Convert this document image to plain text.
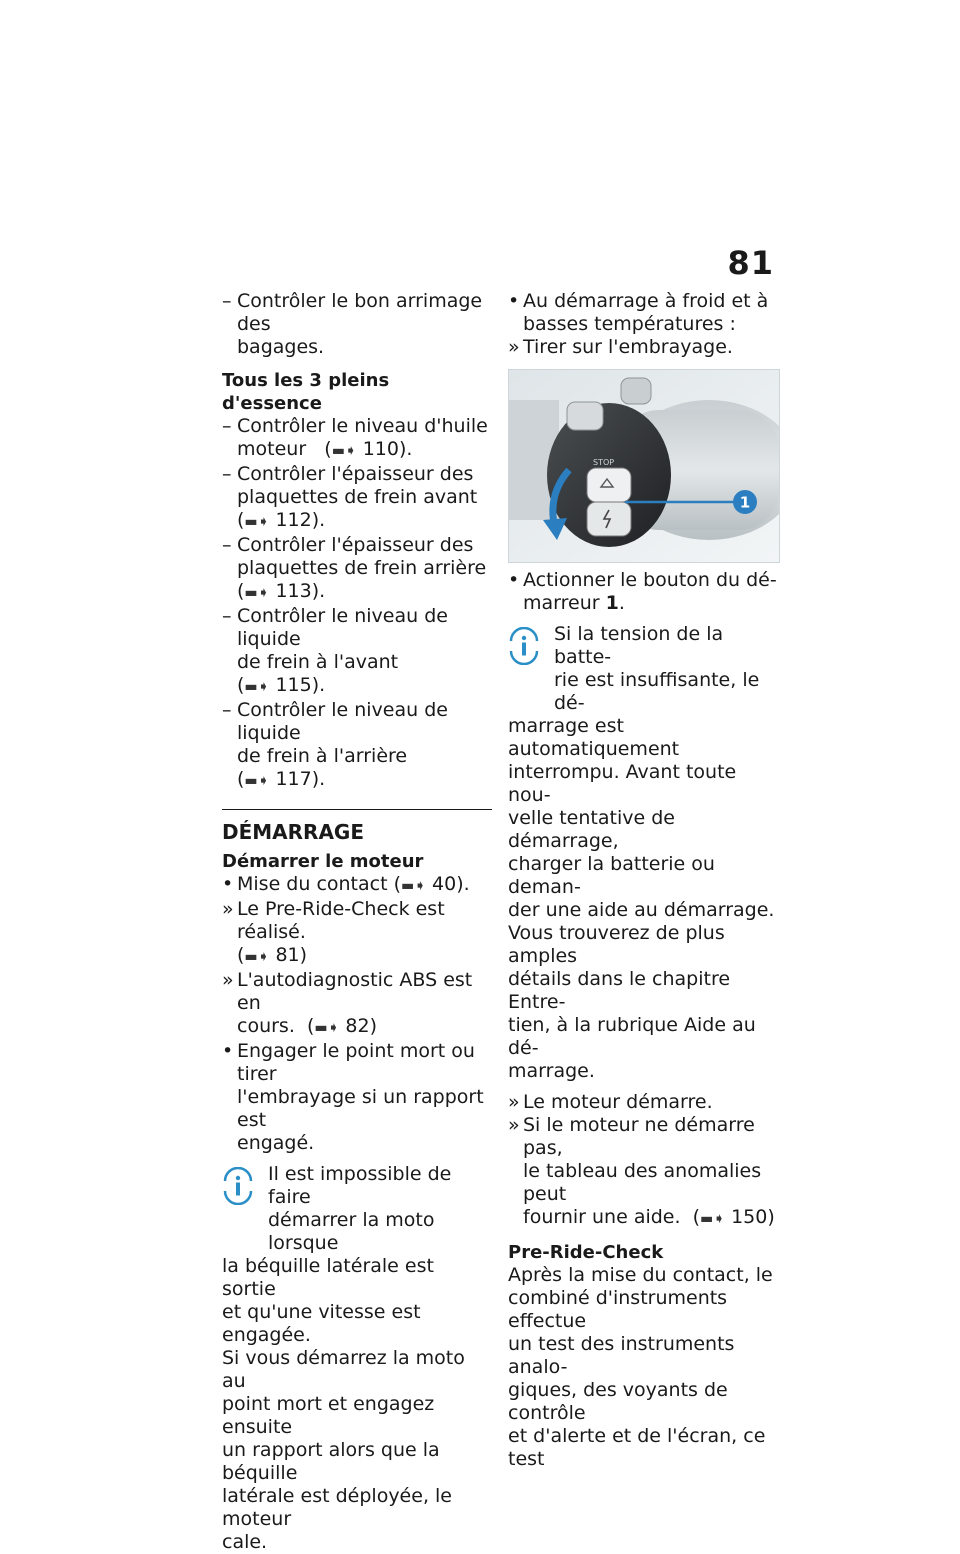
81
– Contrôler le bon arrimage des
bagages.
Tous les 3 pleins d'essence
– Contrôler le niveau d'huile
moteur (▬➧ 110).
– Contrôler l'épaisseur des
plaquettes de frein avant
(▬➧ 112).
– Contrôler l'épaisseur des
plaquettes de frein arrière
(▬➧ 113).
– Contrôler le niveau de liquide
de frein à l'avant   (▬➧ 115).
– Contrôler le niveau de liquide
de frein à l'arrière   (▬➧ 117).
DÉMARRAGE
Démarrer le moteur
• Mise du contact (▬➧ 40).
» Le Pre-Ride-Check est réalisé.
(▬➧ 81)
» L'autodiagnostic ABS est en
cours. (▬➧ 82)
• Engager le point mort ou tirer
l'embrayage si un rapport est
engagé.
Il est impossible de faire
démarrer la moto lorsque
la béquille latérale est sortie
et qu'une vitesse est engagée.
Si vous démarrez la moto au
point mort et engagez ensuite
un rapport alors que la béquille
latérale est déployée, le moteur
cale.
• Au démarrage à froid et à
basses températures :
» Tirer sur l'embrayage.
STOP
1
• Actionner le bouton du dé-
marreur 1.
Si la tension de la batte-
rie est insuffisante, le dé-
marrage est automatiquement
interrompu. Avant toute nou-
velle tentative de démarrage,
charger la batterie ou deman-
der une aide au démarrage.
Vous trouverez de plus amples
détails dans le chapitre Entre-
tien, à la rubrique Aide au dé-
marrage.
» Le moteur démarre.
» Si le moteur ne démarre pas,
le tableau des anomalies peut
fournir une aide. (▬➧ 150)
Pre-Ride-Check
Après la mise du contact, le
combiné d'instruments effectue
un test des instruments analo-
giques, des voyants de contrôle
et d'alerte et de l'écran, ce test
